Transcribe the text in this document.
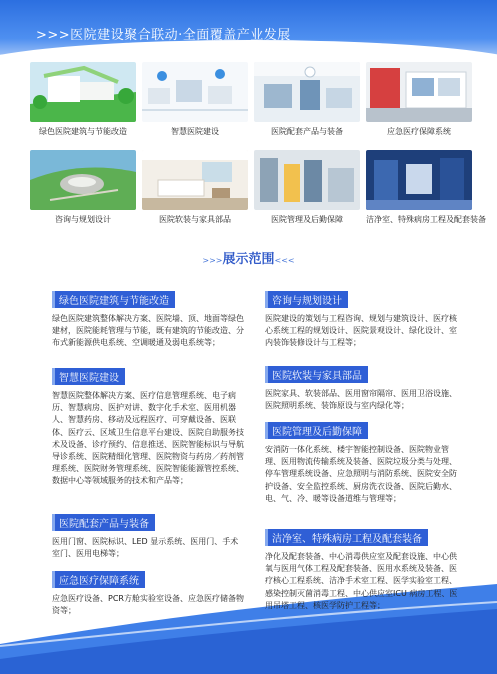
>>>医院建设聚合联动·全面覆盖产业发展
绿色医院建筑与节能改造	智慧医院建设	医院配套产品与装备	应急医疗保障系统
咨询与规划设计	医院软装与家具部品	医院管理及后勤保障	洁净室、特殊病房工程及配套装备
>>>展示范围<<<
绿色医院建筑与节能改造
绿色医院建筑整体解决方案、医院墙、顶、地面等绿色建材，医院能耗管理与节能，既有建筑的节能改造、分布式新能源供电系统、空调暖通及弱电系统等；
智慧医院建设
智慧医院整体解决方案、医疗信息管理系统、电子病历、智慧病房、医护对讲、数字化手术室、医用机器人、智慧药房、移动及远程医疗、可穿戴设备、医联体、医疗云、区域卫生信息平台建设、医院自助服务技术及设备、诊疗预约、信息推送、医院智能标识与导航导诊系统、医院精细化管理、医院物资与药房／药剂管理系统、医院财务管理系统、医院智能能源管控系统、数据中心等领域服务的技术和产品等；
医院配套产品与装备
医用门窗、医院标识、LED 显示系统、医用门、手术室门、医用电梯等；
应急医疗保障系统
应急医疗设备、PCR方舱实验室设备、应急医疗储备物资等；
咨询与规划设计
医院建设的策划与工程咨询、规划与建筑设计、医疗核心系统工程的规划设计、医院景观设计、绿化设计、室内装饰装修设计与工程等；
医院软装与家具部品
医院家具、软装部品、医用窗帘隔帘、医用卫浴设施、医院照明系统、装饰原设与室内绿化等；
医院管理及后勤保障
安消防一体化系统、楼宇智能控制设备、医院物业管理、医用物流传输系统及装备、医院垃圾分类与处理、停车管理系统设备、应急照明与消防系统、医院安全防护设备、安全监控系统、厨房洗衣设备、医院后勤水、电、气、冷、暖等设备道维与管理等；
洁净室、特殊病房工程及配套装备
净化及配套装备、中心消毒供应室及配套设施、中心供氧与医用气体工程及配套装备、医用水系统及装备、医疗核心工程系统、洁净手术室工程、医学实验室工程、感染控制灭菌消毒工程、中心供应室ICU 病房工程、医用吊塔工程、核医学防护工程等；
